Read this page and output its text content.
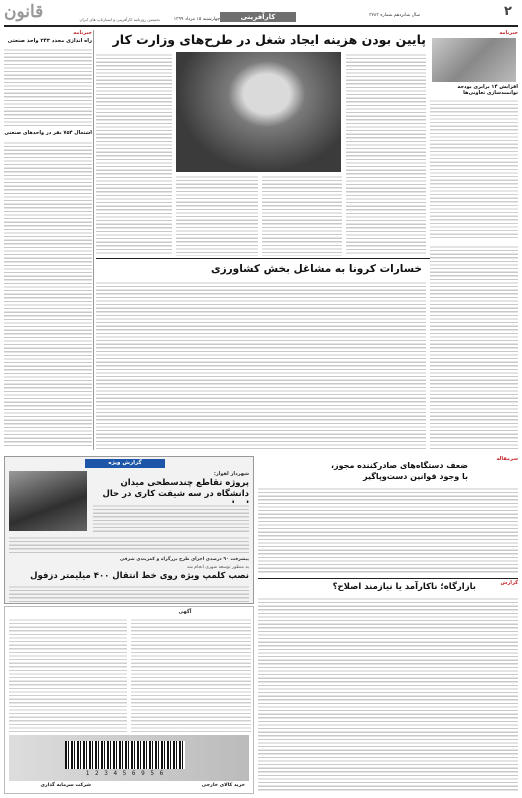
قانون	چهارشنبه ۱۵ مرداد ۱۳۹۹
نخستین روزنامه کارآفرینی و استارتاپ های ایران	کارآفرینی	سال شانزدهم شماره ۳۲۸۳	۲
خبرنامه
افزایش ۱۴ برابری بودجه توانمندسازی تعاونی‌ها
پایین بودن هزینه ایجاد شغل در طرح‌های وزارت کار
خبرنامه
راه اندازی مجدد ۲۴۳ واحد صنعتی
اشتغال ۷۵۴ نفر در واحدهای صنعتی
خسارات کرونا به مشاغل بخش کشاورزی
گزارش ویژه
شهردار اهواز:
پروژه تقاطع چندسطحی میدان دانشگاه در سه شیفت کاری در حال
پیشرفت ۹۰ درصدی اجرای طرح بزرگراه و کمربندی شرقی
به منظور توسعه شهری انجام شد
نصب کلمپ ویژه روی خط انتقال ۴۰۰ میلیمتر دزفول
سرمقاله
ضعف دستگاه‌های صادرکننده مجوز، با وجود قوانین دست‌وپاگیر
گزارش
بازارگاه؛ ناکارآمد یا نیازمند اصلاح؟
آگهی
1 2 3 4 5 6 9 5 6
شرکت سرمایه گذاری	خرید کالای خارجی
